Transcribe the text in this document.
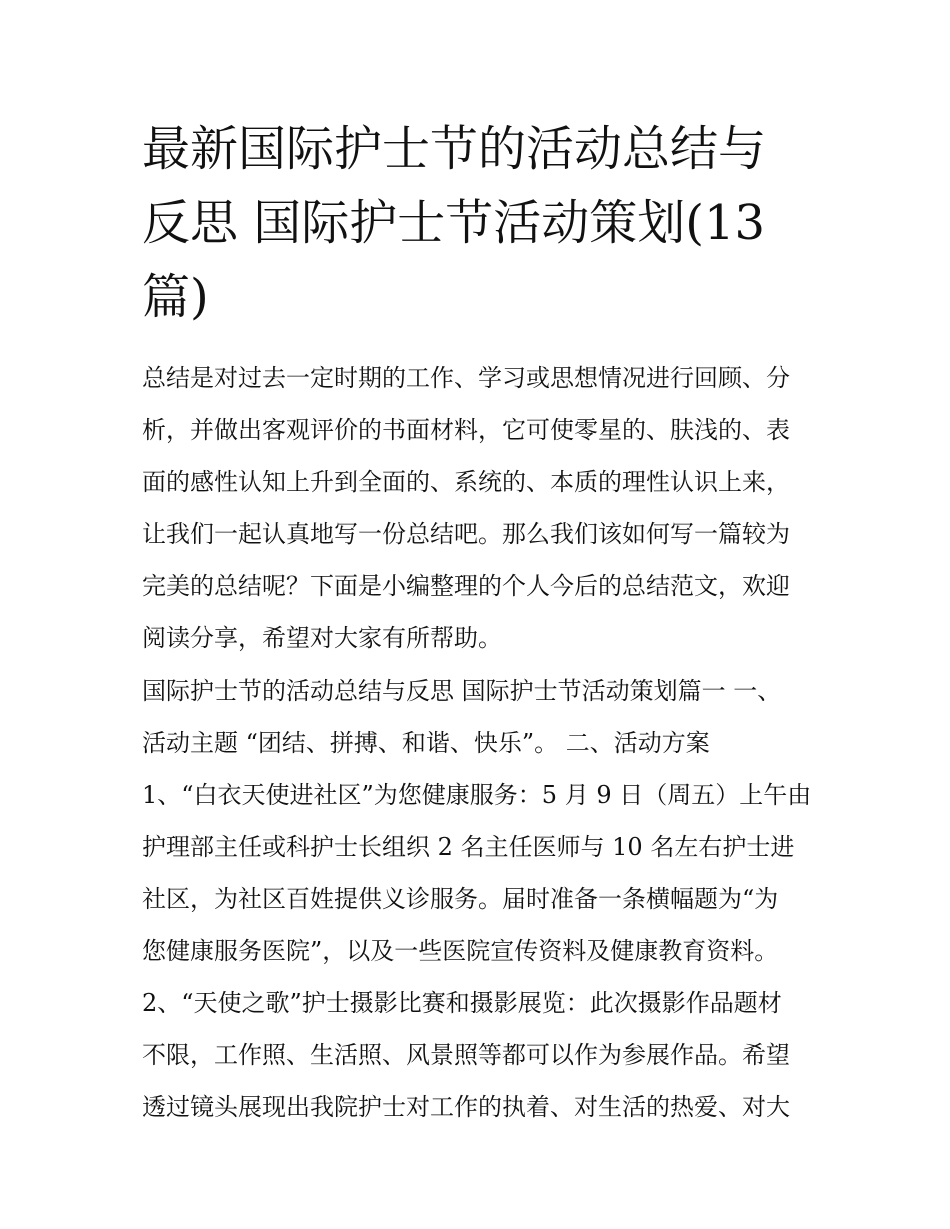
最新国际护士节的活动总结与
反思 国际护士节活动策划(13
篇)
总结是对过去一定时期的工作、学习或思想情况进行回顾、分
析，并做出客观评价的书面材料，它可使零星的、肤浅的、表
面的感性认知上升到全面的、系统的、本质的理性认识上来，
让我们一起认真地写一份总结吧。那么我们该如何写一篇较为
完美的总结呢？下面是小编整理的个人今后的总结范文，欢迎
阅读分享，希望对大家有所帮助。
国际护士节的活动总结与反思 国际护士节活动策划篇一 一、
活动主题 “团结、拼搏、和谐、快乐”。 二、活动方案
1、“白衣天使进社区”为您健康服务：5 月 9 日（周五）上午由
护理部主任或科护士长组织 2 名主任医师与 10 名左右护士进
社区，为社区百姓提供义诊服务。届时准备一条横幅题为“为
您健康服务医院”，以及一些医院宣传资料及健康教育资料。
2、“天使之歌”护士摄影比赛和摄影展览：此次摄影作品题材
不限，工作照、生活照、风景照等都可以作为参展作品。希望
透过镜头展现出我院护士对工作的执着、对生活的热爱、对大
